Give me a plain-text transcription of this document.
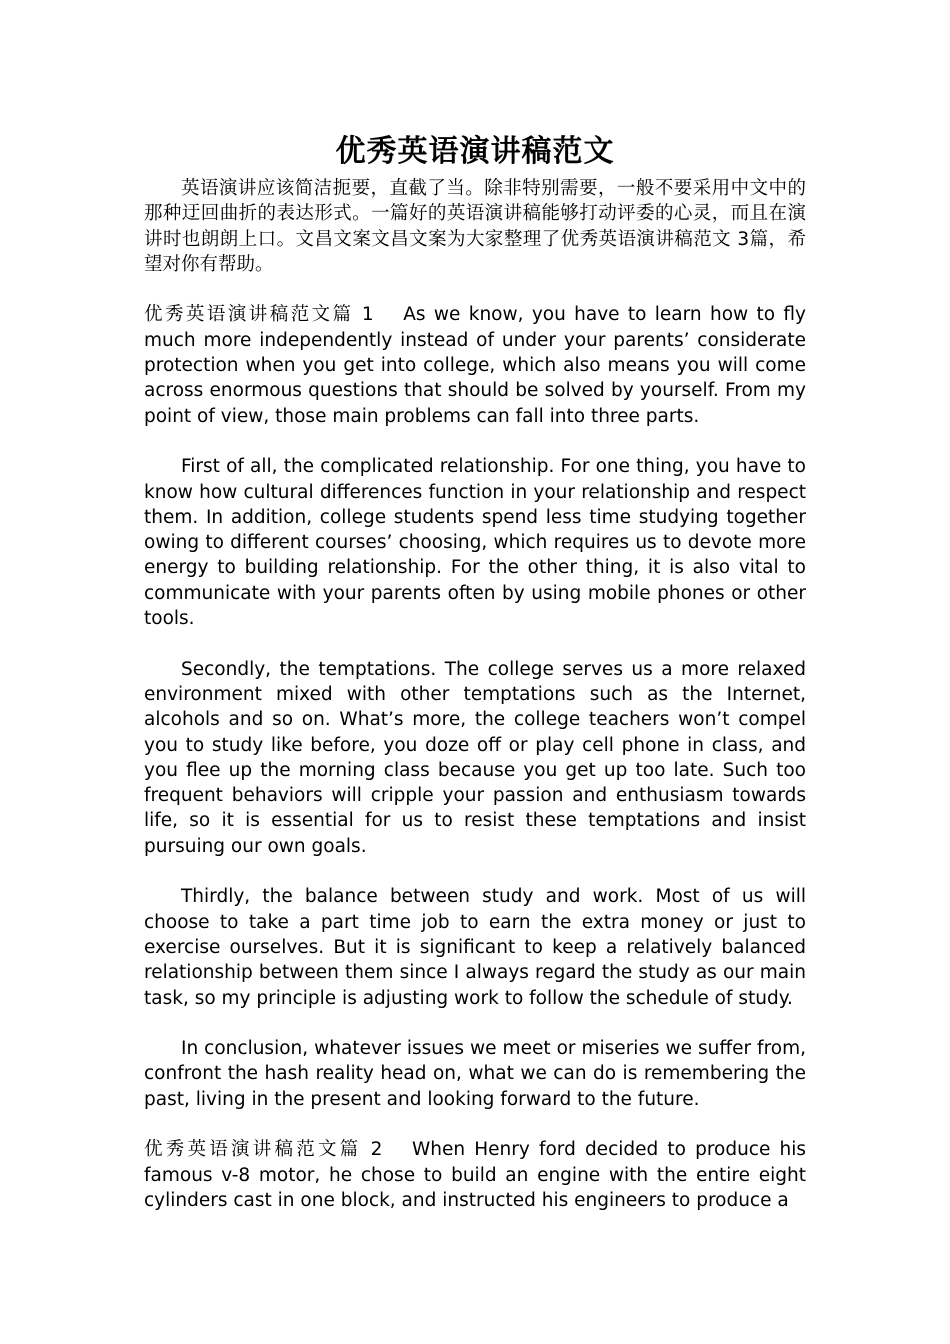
优秀英语演讲稿范文

英语演讲应该简洁扼要，直截了当。除非特别需要，一般不要采用中文中的那种迂回曲折的表达形式。一篇好的英语演讲稿能够打动评委的心灵，而且在演讲时也朗朗上口。文昌文案文昌文案为大家整理了优秀英语演讲稿范文 3篇，希望对你有帮助。

优秀英语演讲稿范文篇 1 As we know, you have to learn how to fly much more independently instead of under your parents’ considerate protection when you get into college, which also means you will come across enormous questions that should be solved by yourself. From my point of view, those main problems can fall into three parts.

First of all, the complicated relationship. For one thing, you have to know how cultural differences function in your relationship and respect them. In addition, college students spend less time studying together owing to different courses’ choosing, which requires us to devote more energy to building relationship. For the other thing, it is also vital to communicate with your parents often by using mobile phones or other tools.

Secondly, the temptations. The college serves us a more relaxed environment mixed with other temptations such as the Internet, alcohols and so on. What’s more, the college teachers won’t compel you to study like before, you doze off or play cell phone in class, and you flee up the morning class because you get up too late. Such too frequent behaviors will cripple your passion and enthusiasm towards life, so it is essential for us to resist these temptations and insist pursuing our own goals.

Thirdly, the balance between study and work. Most of us will choose to take a part time job to earn the extra money or just to exercise ourselves. But it is significant to keep a relatively balanced relationship between them since I always regard the study as our main task, so my principle is adjusting work to follow the schedule of study.

In conclusion, whatever issues we meet or miseries we suffer from, confront the hash reality head on, what we can do is remembering the past, living in the present and looking forward to the future.

优秀英语演讲稿范文篇 2 When Henry ford decided to produce his famous v-8 motor, he chose to build an engine with the entire eight cylinders cast in one block, and instructed his engineers to produce a
